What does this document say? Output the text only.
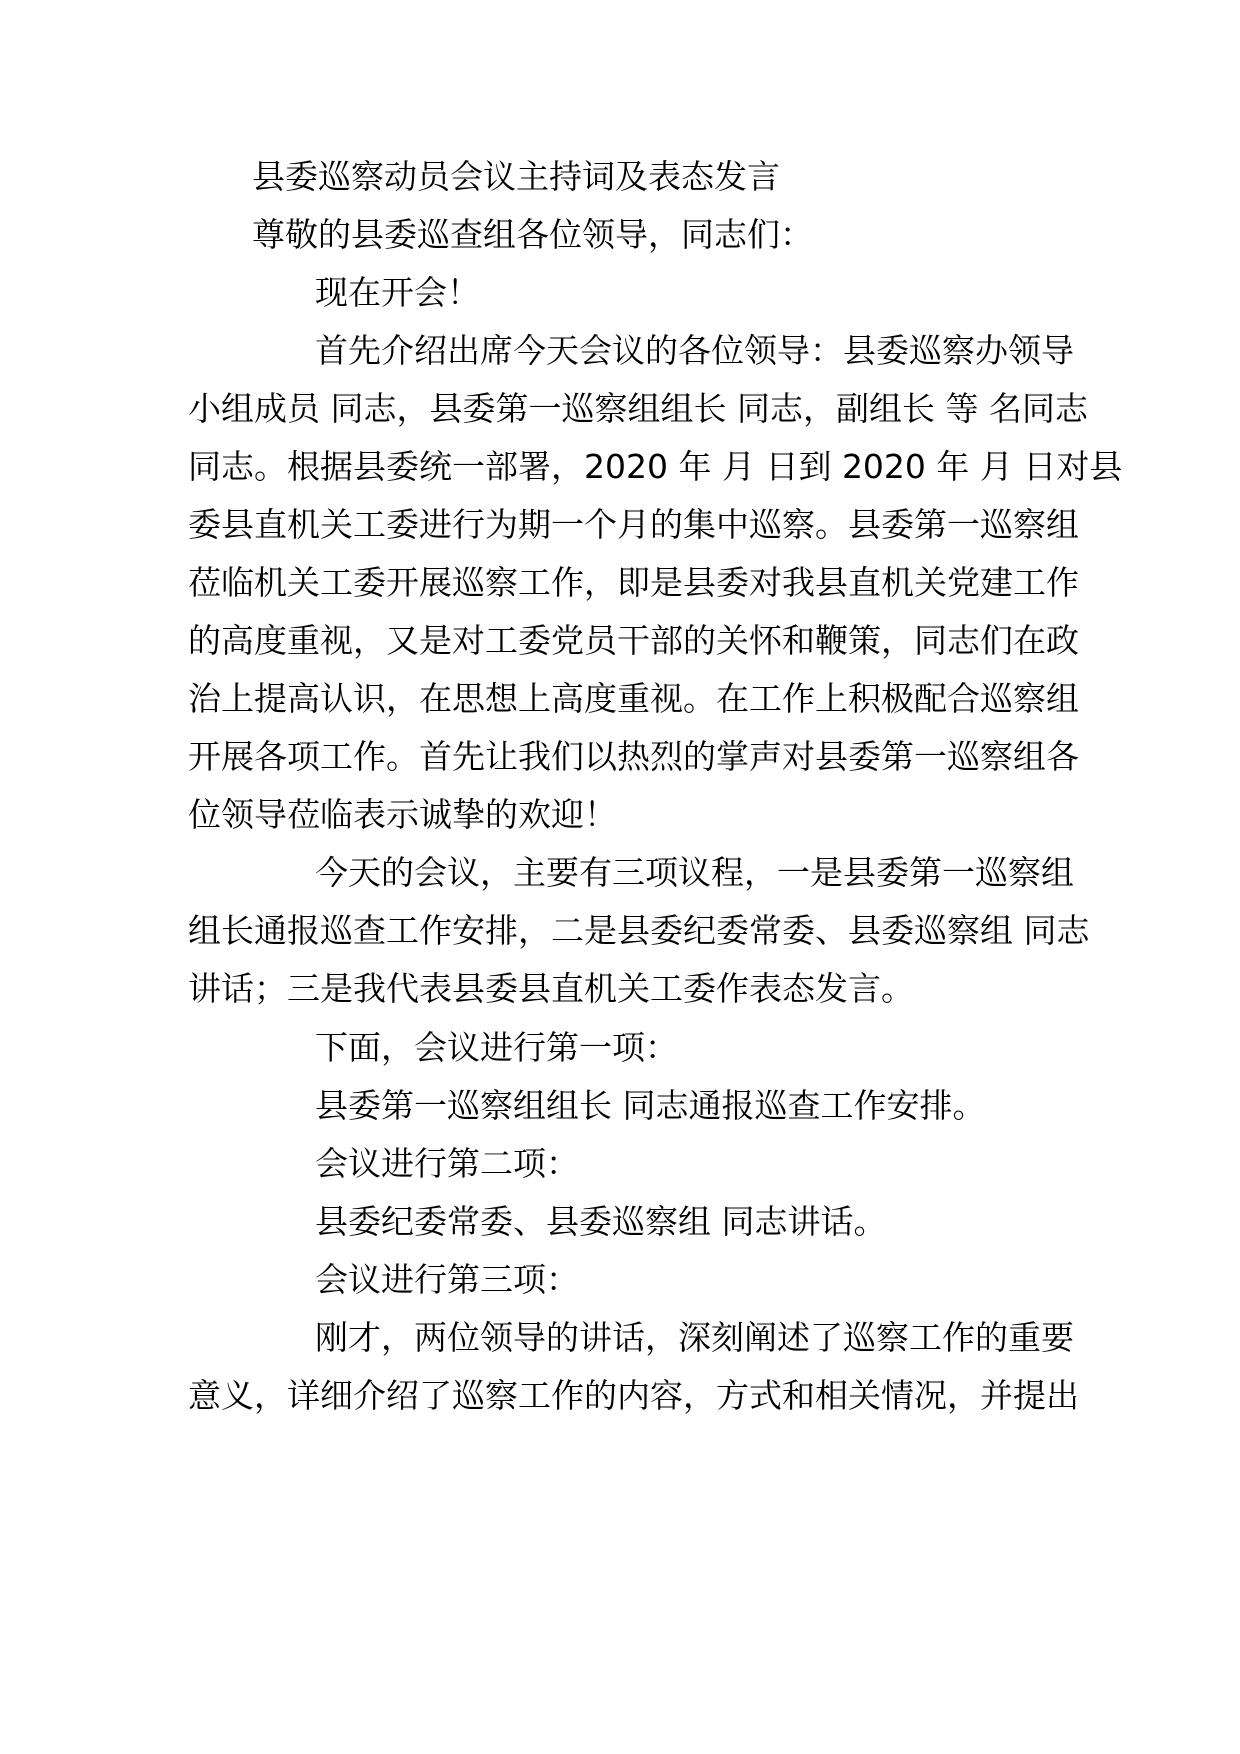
县委巡察动员会议主持词及表态发言
尊敬的县委巡查组各位领导，同志们：
现在开会！
首先介绍出席今天会议的各位领导：县委巡察办领导
小组成员 同志，县委第一巡察组组长 同志，副组长 等 名同志
同志。根据县委统一部署，2020 年 月 日到 2020 年 月 日对县
委县直机关工委进行为期一个月的集中巡察。县委第一巡察组
莅临机关工委开展巡察工作，即是县委对我县直机关党建工作
的高度重视，又是对工委党员干部的关怀和鞭策，同志们在政
治上提高认识，在思想上高度重视。在工作上积极配合巡察组
开展各项工作。首先让我们以热烈的掌声对县委第一巡察组各
位领导莅临表示诚挚的欢迎！
今天的会议，主要有三项议程，一是县委第一巡察组
组长通报巡查工作安排，二是县委纪委常委、县委巡察组 同志
讲话；三是我代表县委县直机关工委作表态发言。
下面，会议进行第一项：
县委第一巡察组组长 同志通报巡查工作安排。
会议进行第二项：
县委纪委常委、县委巡察组 同志讲话。
会议进行第三项：
刚才，两位领导的讲话，深刻阐述了巡察工作的重要
意义，详细介绍了巡察工作的内容，方式和相关情况，并提出
